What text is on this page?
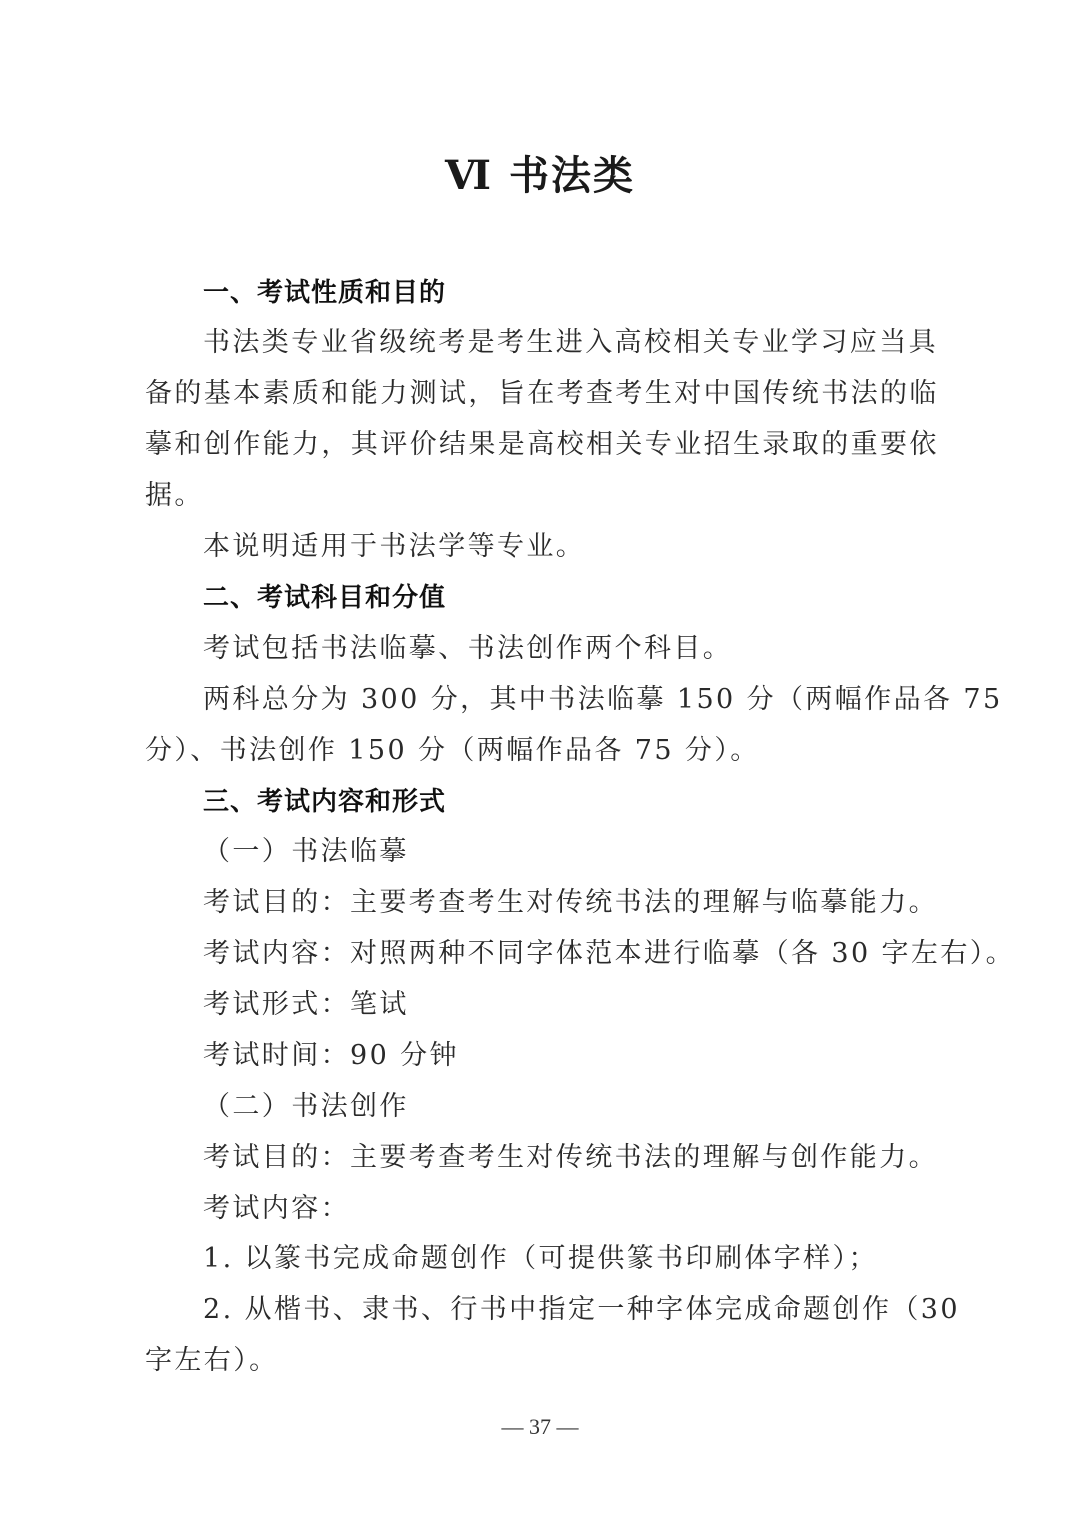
Ⅵ 书法类
一、考试性质和目的
书法类专业省级统考是考生进入高校相关专业学习应当具
备的基本素质和能力测试，旨在考查考生对中国传统书法的临
摹和创作能力，其评价结果是高校相关专业招生录取的重要依
据。
本说明适用于书法学等专业。
二、考试科目和分值
考试包括书法临摹、书法创作两个科目。
两科总分为 300 分，其中书法临摹 150 分（两幅作品各 75
分）、书法创作 150 分（两幅作品各 75 分）。
三、考试内容和形式
（一）书法临摹
考试目的：主要考查考生对传统书法的理解与临摹能力。
考试内容：对照两种不同字体范本进行临摹（各 30 字左右）。
考试形式：笔试
考试时间：90 分钟
（二）书法创作
考试目的：主要考查考生对传统书法的理解与创作能力。
考试内容：
1. 以篆书完成命题创作（可提供篆书印刷体字样）；
2. 从楷书、隶书、行书中指定一种字体完成命题创作（30
字左右）。
— 37 —
